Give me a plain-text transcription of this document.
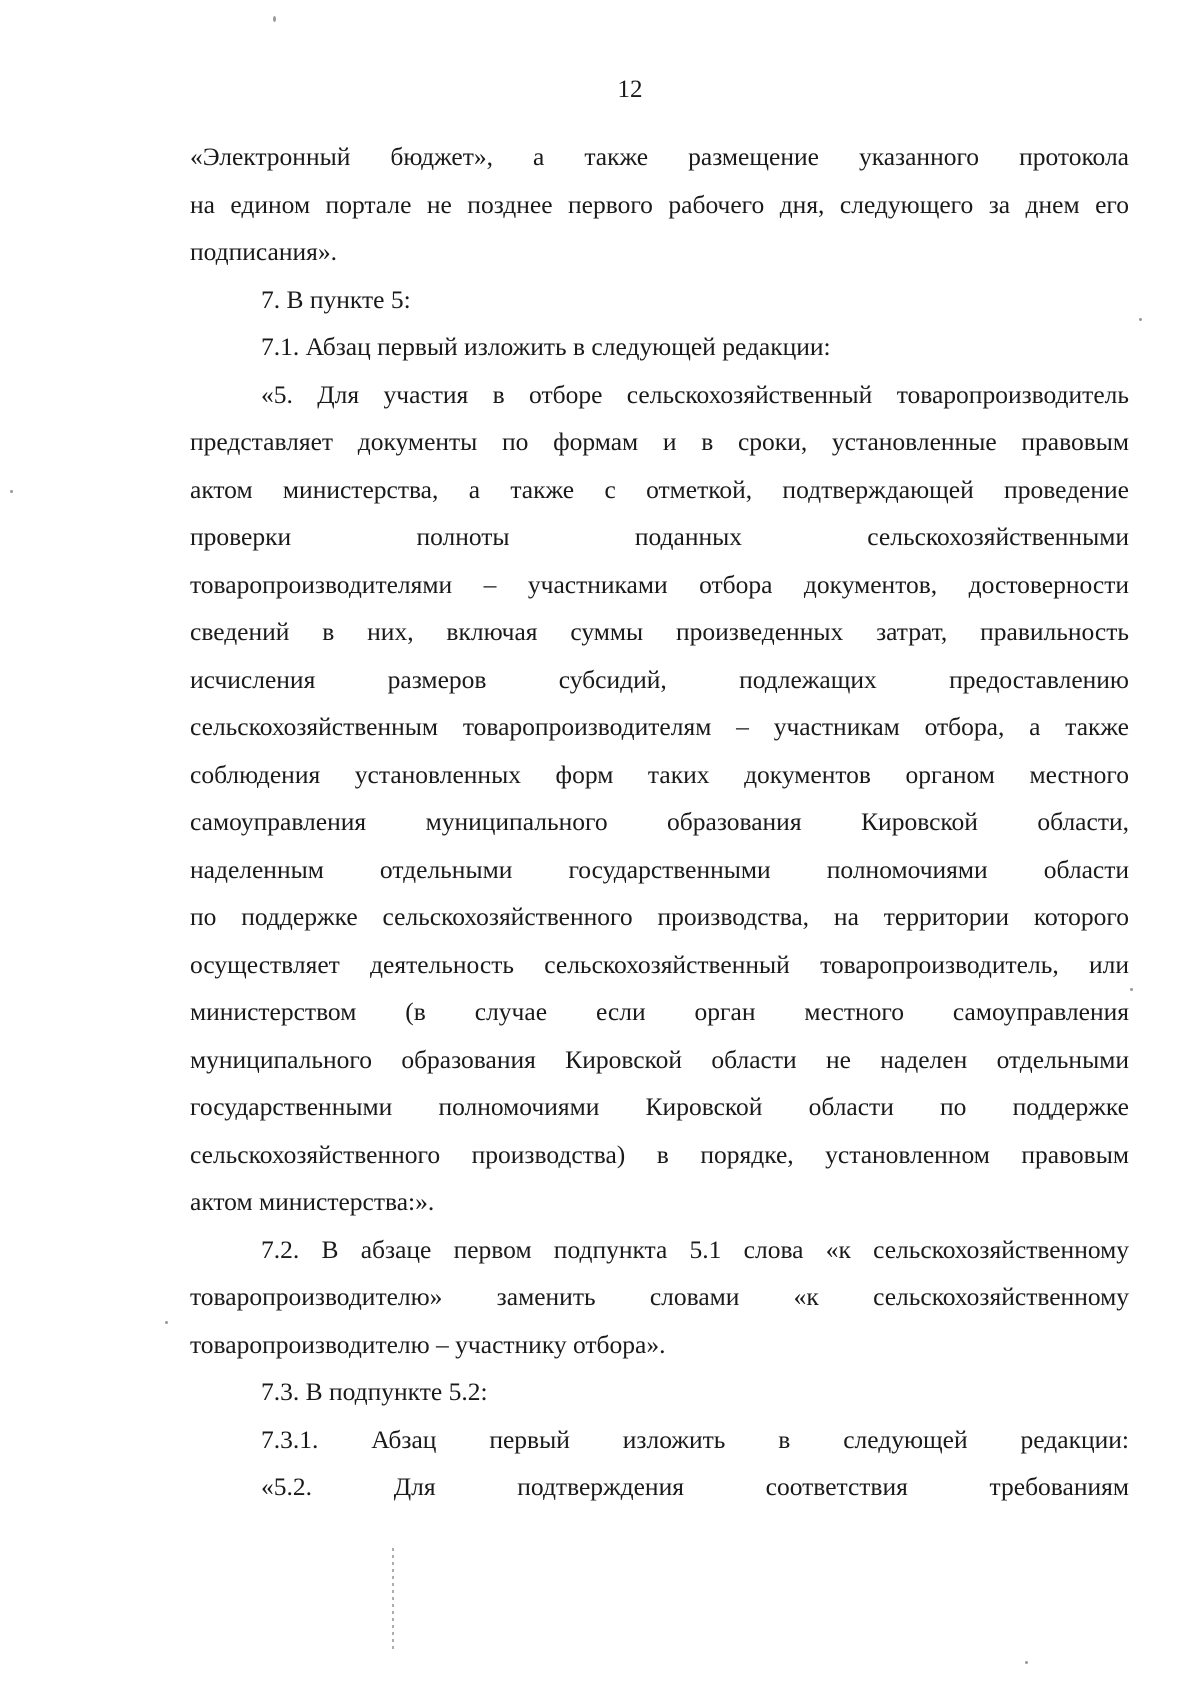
12
«Электронный бюджет», а также размещение указанного протокола
на едином портале не позднее первого рабочего дня, следующего за днем его
подписания».
7. В пункте 5:
7.1. Абзац первый изложить в следующей редакции:
«5. Для участия в отборе сельскохозяйственный товаропроизводитель
представляет документы по формам и в сроки, установленные правовым
актом министерства, а также с отметкой, подтверждающей проведение
проверки полноты поданных сельскохозяйственными
товаропроизводителями – участниками отбора документов, достоверности
сведений в них, включая суммы произведенных затрат, правильность
исчисления размеров субсидий, подлежащих предоставлению
сельскохозяйственным товаропроизводителям – участникам отбора, а также
соблюдения установленных форм таких документов органом местного
самоуправления муниципального образования Кировской области,
наделенным отдельными государственными полномочиями области
по поддержке сельскохозяйственного производства, на территории которого
осуществляет деятельность сельскохозяйственный товаропроизводитель, или
министерством (в случае если орган местного самоуправления
муниципального образования Кировской области не наделен отдельными
государственными полномочиями Кировской области по поддержке
сельскохозяйственного производства) в порядке, установленном правовым
актом министерства:».
7.2. В абзаце первом подпункта 5.1 слова «к сельскохозяйственному
товаропроизводителю» заменить словами «к сельскохозяйственному
товаропроизводителю – участнику отбора».
7.3. В подпункте 5.2:
7.3.1. Абзац первый изложить в следующей редакции:
«5.2. Для подтверждения соответствия требованиям
